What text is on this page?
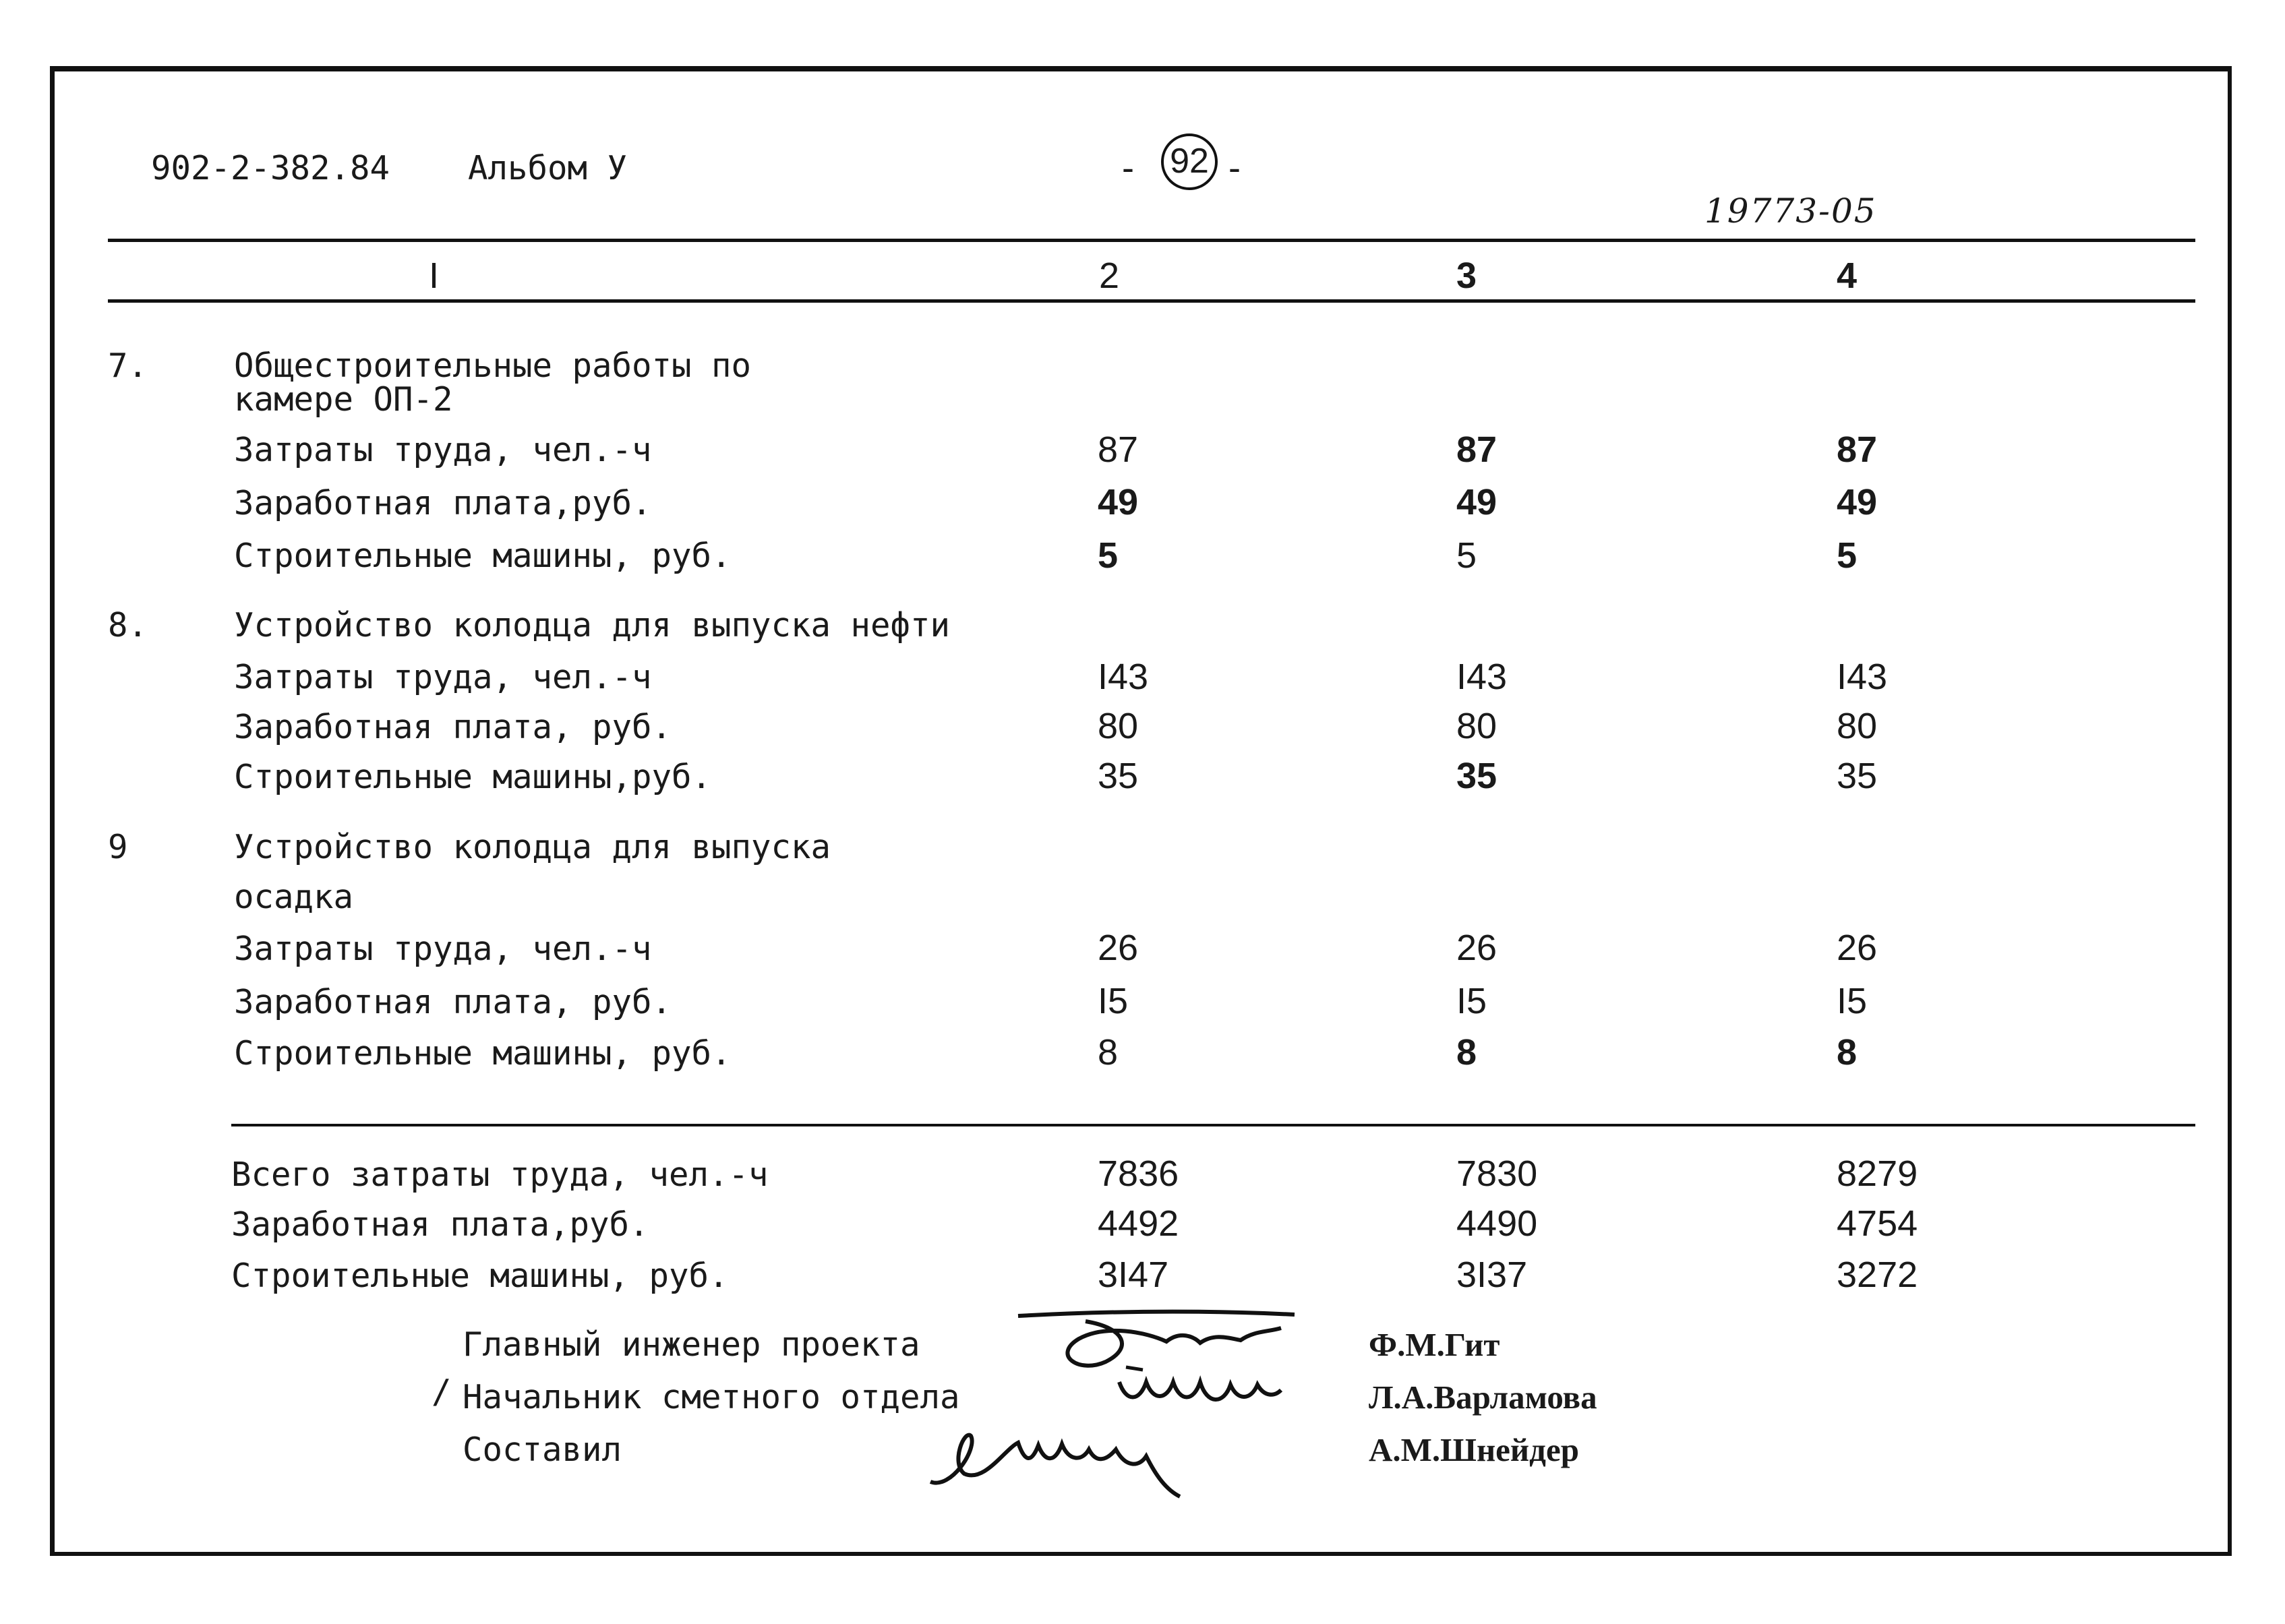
902-2-382.84 Альбом У	- 92 -
19773-05
I	2	3	4
7.	Общестроительные работы по
камере ОП-2
Затраты труда, чел.-ч	87	87	87
Заработная плата,руб.	49	49	49
Строительные машины, руб.	5	5	5
8.	Устройство колодца для выпуска нефти
Затраты труда, чел.-ч	I43	I43	I43
Заработная плата, руб.	80	80	80
Строительные машины,руб.	35	35	35
9	Устройство колодца для выпуска
осадка
Затраты труда, чел.-ч	26	26	26
Заработная плата, руб.	I5	I5	I5
Строительные машины, руб.	8	8	8
Всего затраты труда, чел.-ч	7836	7830	8279
Заработная плата,руб.	4492	4490	4754
Строительные машины, руб.	3I47	3I37	3272
Главный инженер проекта
Начальник сметного отдела
/
Составил
Ф.М.Гит
Л.А.Варламова
А.М.Шнейдер
